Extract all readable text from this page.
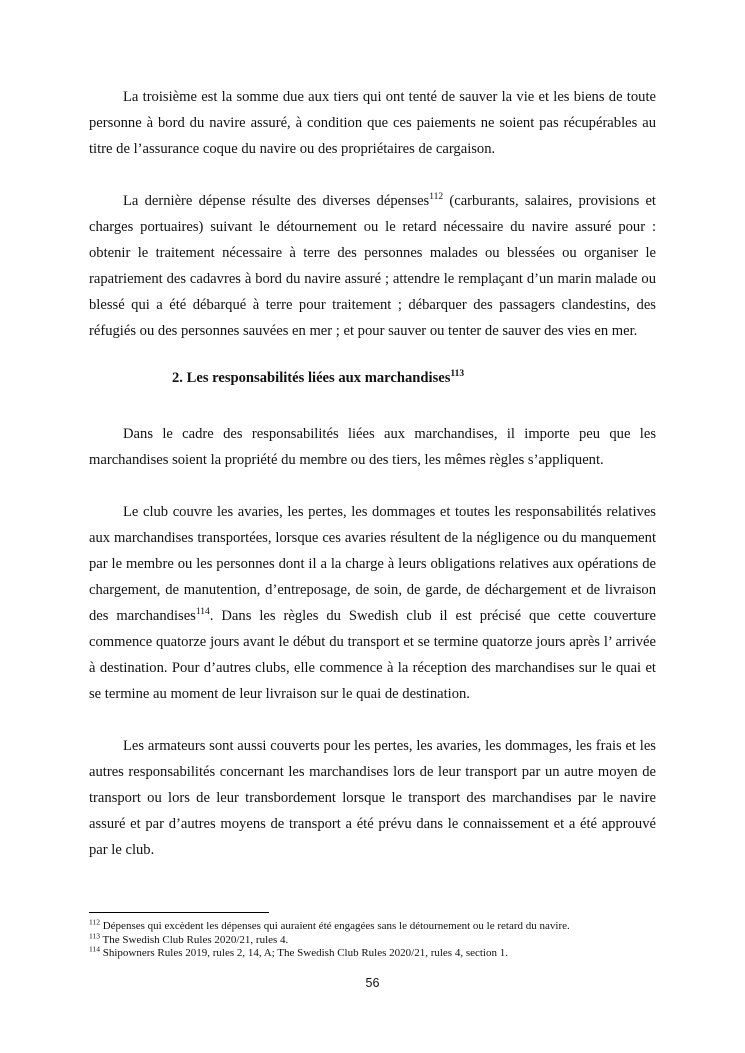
La troisième est la somme due aux tiers qui ont tenté de sauver la vie et les biens de toute personne à bord du navire assuré, à condition que ces paiements ne soient pas récupérables au titre de l’assurance coque du navire ou des propriétaires de cargaison.

La dernière dépense résulte des diverses dépenses$^{112}$ (carburants, salaires, provisions et charges portuaires) suivant le détournement ou le retard nécessaire du navire assuré pour : obtenir le traitement nécessaire à terre des personnes malades ou blessées ou organiser le rapatriement des cadavres à bord du navire assuré ; attendre le remplaçant d’un marin malade ou blessé qui a été débarqué à terre pour traitement ; débarquer des passagers clandestins, des réfugiés ou des personnes sauvées en mer ; et pour sauver ou tenter de sauver des vies en mer.

2. Les responsabilités liées aux marchandises$^{113}$

Dans le cadre des responsabilités liées aux marchandises, il importe peu que les marchandises soient la propriété du membre ou des tiers, les mêmes règles s’appliquent.

Le club couvre les avaries, les pertes, les dommages et toutes les responsabilités relatives aux marchandises transportées, lorsque ces avaries résultent de la négligence ou du manquement par le membre ou les personnes dont il a la charge à leurs obligations relatives aux opérations de chargement, de manutention, d’entreposage, de soin, de garde, de déchargement et de livraison des marchandises$^{114}$. Dans les règles du Swedish club il est précisé que cette couverture commence quatorze jours avant le début du transport et se termine quatorze jours après l’ arrivée à destination. Pour d’autres clubs, elle commence à la réception des marchandises sur le quai et se termine au moment de leur livraison sur le quai de destination.

Les armateurs sont aussi couverts pour les pertes, les avaries, les dommages, les frais et les autres responsabilités concernant les marchandises lors de leur transport par un autre moyen de transport ou lors de leur transbordement lorsque le transport des marchandises par le navire assuré et par d’autres moyens de transport a été prévu dans le connaissement et a été approuvé par le club.

$^{112}$ Dépenses qui excèdent les dépenses qui auraient été engagées sans le détournement ou le retard du navire.

$^{113}$ The Swedish Club Rules 2020/21, rules 4.

$^{114}$ Shipowners Rules 2019, rules 2, 14, A; The Swedish Club Rules 2020/21, rules 4, section 1.

56
